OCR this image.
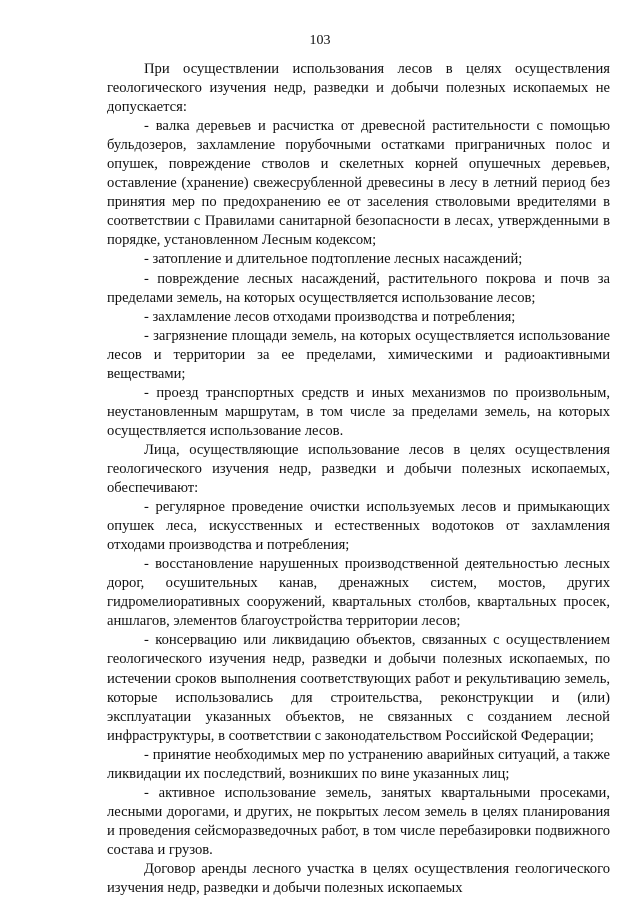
103

При осуществлении использования лесов в целях осуществления геологического изучения недр, разведки и добычи полезных ископаемых не допускается:

- валка деревьев и расчистка от древесной растительности с помощью бульдозеров, захламление порубочными остатками приграничных полос и опушек, повреждение стволов и скелетных корней опушечных деревьев, оставление (хранение) свежесрубленной древесины в лесу в летний период без принятия мер по предохранению ее от заселения стволовыми вредителями в соответствии с Правилами санитарной безопасности в лесах, утвержденными в порядке, установленном Лесным кодексом;

- затопление и длительное подтопление лесных насаждений;

- повреждение лесных насаждений, растительного покрова и почв за пределами земель, на которых осуществляется использование лесов;

- захламление лесов отходами производства и потребления;

- загрязнение площади земель, на которых осуществляется использование лесов и территории за ее пределами, химическими и радиоактивными веществами;

- проезд транспортных средств и иных механизмов по произвольным, неустановленным маршрутам, в том числе за пределами земель, на которых осуществляется использование лесов.

Лица, осуществляющие использование лесов в целях осуществления геологического изучения недр, разведки и добычи полезных ископаемых, обеспечивают:

- регулярное проведение очистки используемых лесов и примыкающих опушек леса, искусственных и естественных водотоков от захламления отходами производства и потребления;

- восстановление нарушенных производственной деятельностью лесных дорог, осушительных канав, дренажных систем, мостов, других гидромелиоративных сооружений, квартальных столбов, квартальных просек, аншлагов, элементов благоустройства территории лесов;

- консервацию или ликвидацию объектов, связанных с осуществлением геологического изучения недр, разведки и добычи полезных ископаемых, по истечении сроков выполнения соответствующих работ и рекультивацию земель, которые использовались для строительства, реконструкции и (или) эксплуатации указанных объектов, не связанных с созданием лесной инфраструктуры, в соответствии с законодательством Российской Федерации;

- принятие необходимых мер по устранению аварийных ситуаций, а также ликвидации их последствий, возникших по вине указанных лиц;

- активное использование земель, занятых квартальными просеками, лесными дорогами, и других, не покрытых лесом земель в целях планирования и проведения сейсморазведочных работ, в том числе перебазировки подвижного состава и грузов.

Договор аренды лесного участка в целях осуществления геологического изучения недр, разведки и добычи полезных ископаемых
